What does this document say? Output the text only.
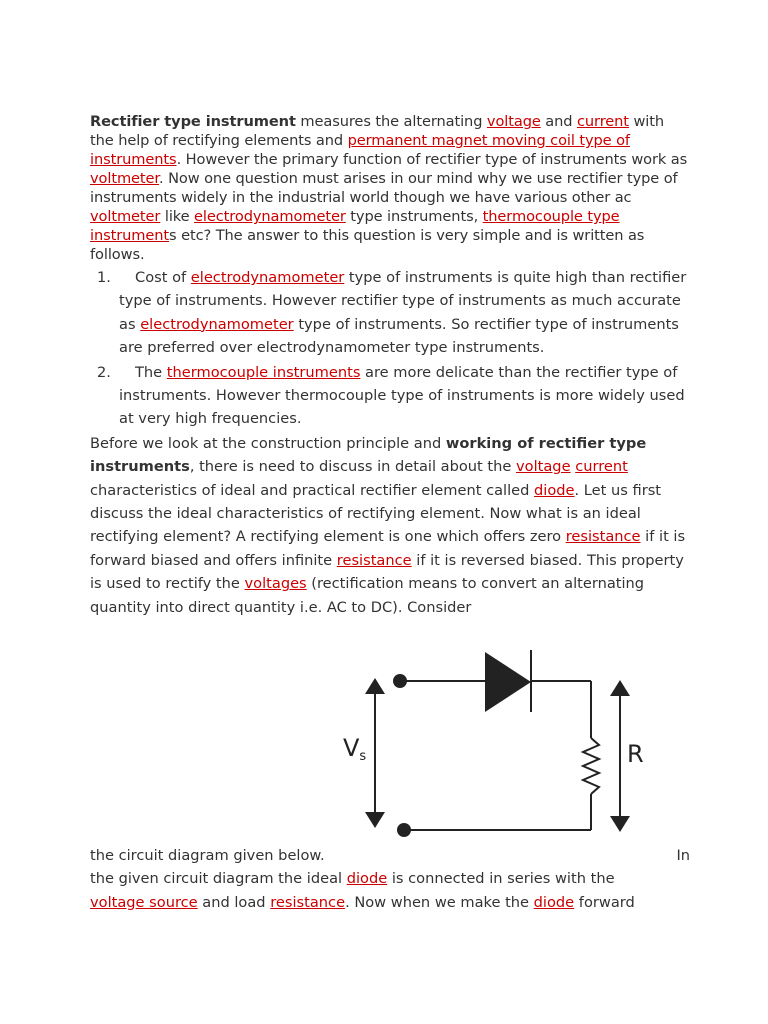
Rectifier type instrument measures the alternating voltage and current with the help of rectifying elements and permanent magnet moving coil type of instruments. However the primary function of rectifier type of instruments work as voltmeter. Now one question must arises in our mind why we use rectifier type of instruments widely in the industrial world though we have various other ac voltmeter like electrodynamometer type instruments, thermocouple type instruments etc? The answer to this question is very simple and is written as follows.

1. Cost of electrodynamometer type of instruments is quite high than rectifier type of instruments. However rectifier type of instruments as much accurate as electrodynamometer type of instruments. So rectifier type of instruments are preferred over electrodynamometer type instruments.
2. The thermocouple instruments are more delicate than the rectifier type of instruments. However thermocouple type of instruments is more widely used at very high frequencies.

Before we look at the construction principle and working of rectifier type instruments, there is need to discuss in detail about the voltage current characteristics of ideal and practical rectifier element called diode. Let us first discuss the ideal characteristics of rectifying element. Now what is an ideal rectifying element? A rectifying element is one which offers zero resistance if it is forward biased and offers infinite resistance if it is reversed biased. This property is used to rectify the voltages (rectification means to convert an alternating quantity into direct quantity i.e. AC to DC). Consider

Vs	R

the circuit diagram given below.	In

the given circuit diagram the ideal diode is connected in series with the
voltage source and load resistance. Now when we make the diode forward
